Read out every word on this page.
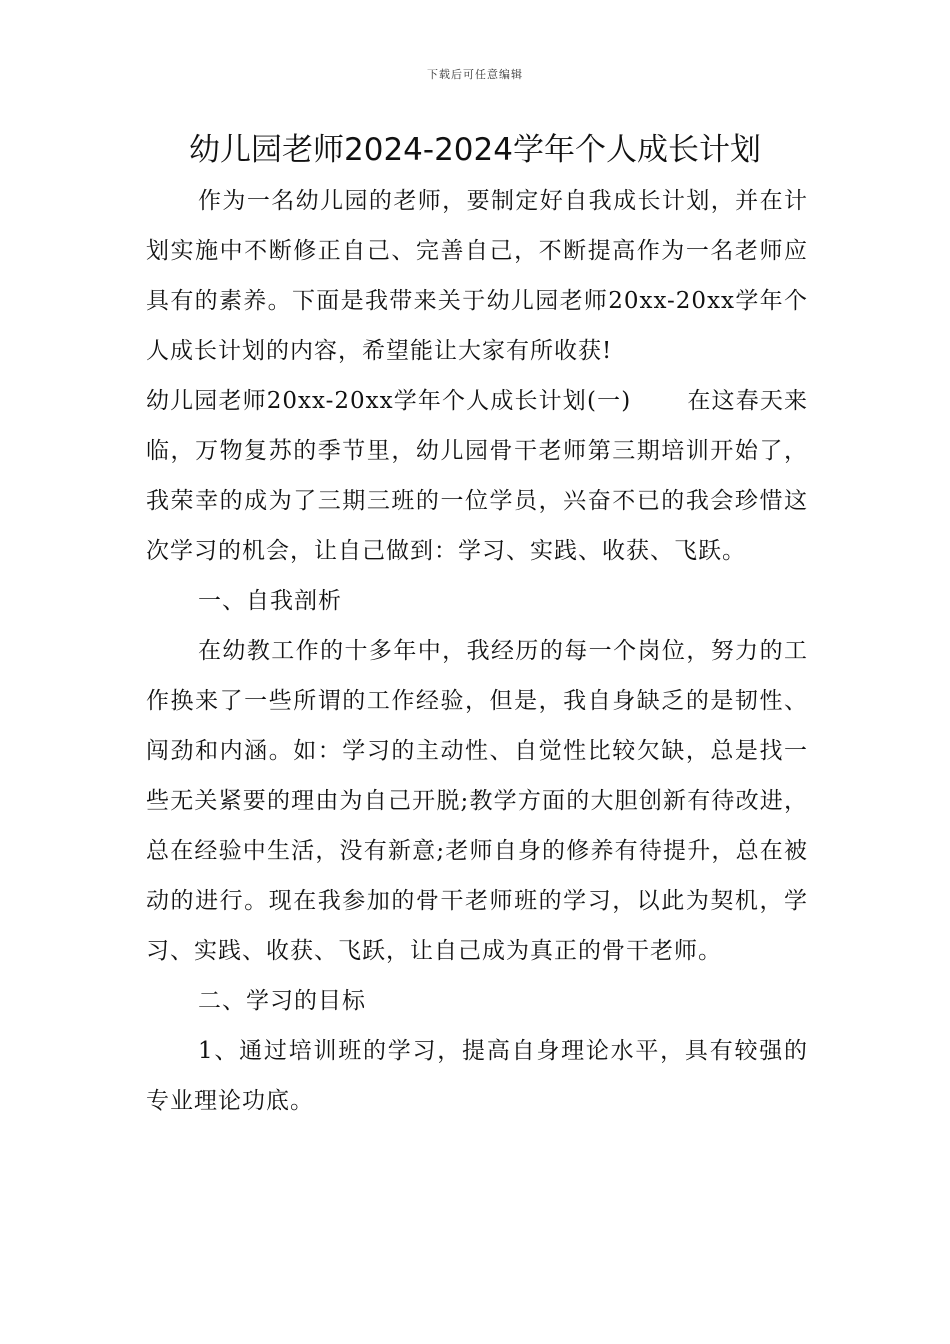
下载后可任意编辑
幼儿园老师2024-2024学年个人成长计划

作为一名幼儿园的老师，要制定好自我成长计划，并在计划实施中不断修正自己、完善自己，不断提高作为一名老师应具有的素养。下面是我带来关于幼儿园老师20xx-20xx学年个人成长计划的内容，希望能让大家有所收获!

幼儿园老师20xx-20xx学年个人成长计划(一) 在这春天来临，万物复苏的季节里，幼儿园骨干老师第三期培训开始了，我荣幸的成为了三期三班的一位学员，兴奋不已的我会珍惜这次学习的机会，让自己做到：学习、实践、收获、飞跃。

一、自我剖析

在幼教工作的十多年中，我经历的每一个岗位，努力的工作换来了一些所谓的工作经验，但是，我自身缺乏的是韧性、闯劲和内涵。如：学习的主动性、自觉性比较欠缺，总是找一些无关紧要的理由为自己开脱;教学方面的大胆创新有待改进，总在经验中生活，没有新意;老师自身的修养有待提升，总在被动的进行。现在我参加的骨干老师班的学习，以此为契机，学习、实践、收获、飞跃，让自己成为真正的骨干老师。

二、学习的目标

1、通过培训班的学习，提高自身理论水平，具有较强的专业理论功底。
